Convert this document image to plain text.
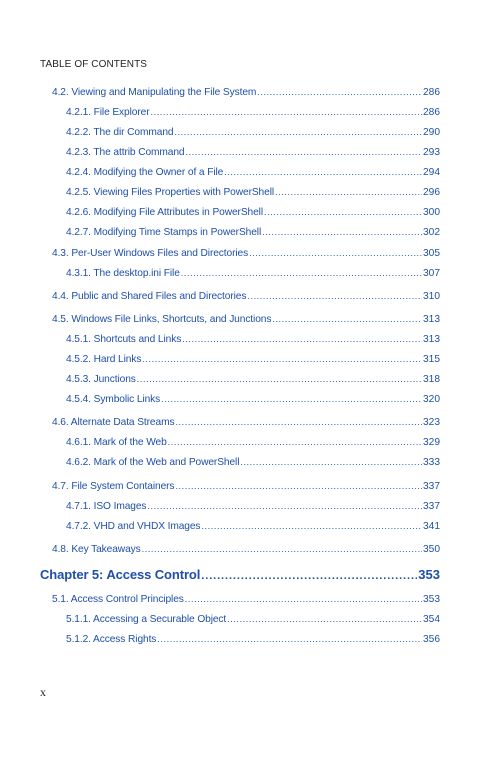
TABLE OF CONTENTS
4.2. Viewing and Manipulating the File System .....	286
4.2.1. File Explorer .....	286
4.2.2. The dir Command .....	290
4.2.3. The attrib Command .....	293
4.2.4. Modifying the Owner of a File .....	294
4.2.5. Viewing Files Properties with PowerShell .....	296
4.2.6. Modifying File Attributes in PowerShell .....	300
4.2.7. Modifying Time Stamps in PowerShell .....	302
4.3. Per-User Windows Files and Directories .....	305
4.3.1. The desktop.ini File .....	307
4.4. Public and Shared Files and Directories .....	310
4.5. Windows File Links, Shortcuts, and Junctions .....	313
4.5.1. Shortcuts and Links .....	313
4.5.2. Hard Links .....	315
4.5.3. Junctions .....	318
4.5.4. Symbolic Links .....	320
4.6. Alternate Data Streams .....	323
4.6.1. Mark of the Web .....	329
4.6.2. Mark of the Web and PowerShell .....	333
4.7. File System Containers .....	337
4.7.1. ISO Images .....	337
4.7.2. VHD and VHDX Images .....	341
4.8. Key Takeaways .....	350
Chapter 5: Access Control .....	353
5.1. Access Control Principles .....	353
5.1.1. Accessing a Securable Object .....	354
5.1.2. Access Rights .....	356
x
